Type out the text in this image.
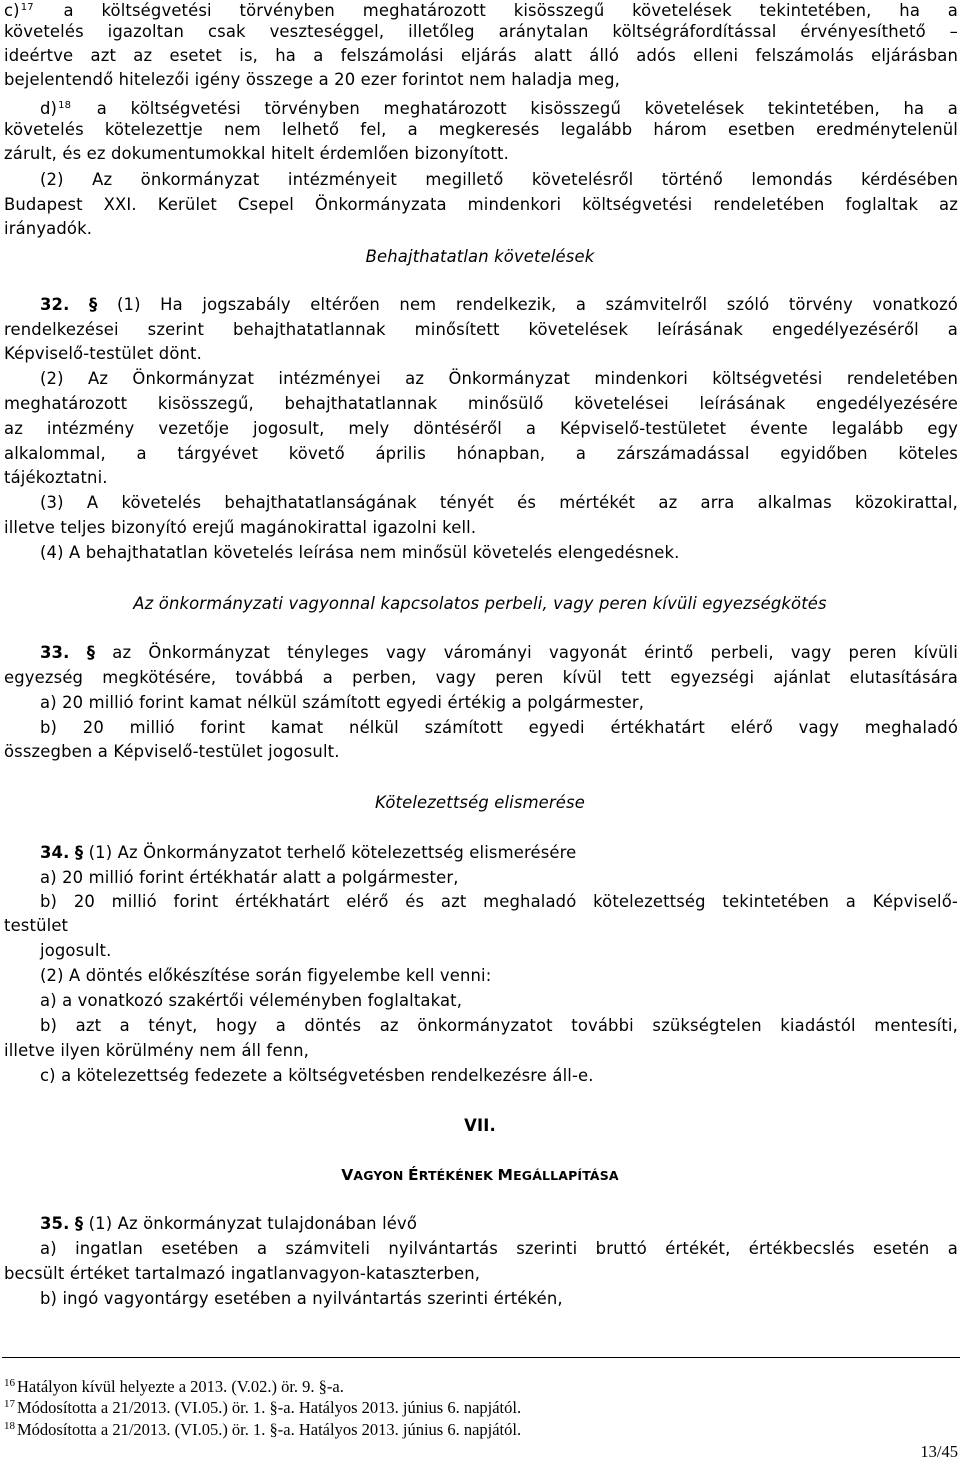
c)$^{17}$ a költségvetési törvényben meghatározott kisösszegű követelések tekintetében, ha a
követelés igazoltan csak veszteséggel, illetőleg aránytalan költségráfordítással érvényesíthető –
ideértve azt az esetet is, ha a felszámolási eljárás alatt álló adós elleni felszámolás eljárásban
bejelentendő hitelezői igény összege a 20 ezer forintot nem haladja meg,
d)$^{18}$ a költségvetési törvényben meghatározott kisösszegű követelések tekintetében, ha a
követelés kötelezettje nem lelhető fel, a megkeresés legalább három esetben eredménytelenül
zárult, és ez dokumentumokkal hitelt érdemlően bizonyított.
(2) Az önkormányzat intézményeit megillető követelésről történő lemondás kérdésében
Budapest XXI. Kerület Csepel Önkormányzata mindenkori költségvetési rendeletében foglaltak az
irányadók.
Behajthatatlan követelések
32. § (1) Ha jogszabály eltérően nem rendelkezik, a számvitelről szóló törvény vonatkozó
rendelkezései szerint behajthatatlannak minősített követelések leírásának engedélyezéséről a
Képviselő-testület dönt.
(2) Az Önkormányzat intézményei az Önkormányzat mindenkori költségvetési rendeletében
meghatározott kisösszegű, behajthatatlannak minősülő követelései leírásának engedélyezésére
az intézmény vezetője jogosult, mely döntéséről a Képviselő-testületet évente legalább egy
alkalommal, a tárgyévet követő április hónapban, a zárszámadással egyidőben köteles
tájékoztatni.
(3) A követelés behajthatatlanságának tényét és mértékét az arra alkalmas közokirattal,
illetve teljes bizonyító erejű magánokirattal igazolni kell.
(4) A behajthatatlan követelés leírása nem minősül követelés elengedésnek.
Az önkormányzati vagyonnal kapcsolatos perbeli, vagy peren kívüli egyezségkötés
33. § az Önkormányzat tényleges vagy várományi vagyonát érintő perbeli, vagy peren kívüli
egyezség megkötésére, továbbá a perben, vagy peren kívül tett egyezségi ajánlat elutasítására
a) 20 millió forint kamat nélkül számított egyedi értékig a polgármester,
b) 20 millió forint kamat nélkül számított egyedi értékhatárt elérő vagy meghaladó
összegben a Képviselő-testület jogosult.
Kötelezettség elismerése
34. § (1) Az Önkormányzatot terhelő kötelezettség elismerésére
a) 20 millió forint értékhatár alatt a polgármester,
b) 20 millió forint értékhatárt elérő és azt meghaladó kötelezettség tekintetében a Képviselő-
testület
jogosult.
(2) A döntés előkészítése során figyelembe kell venni:
a) a vonatkozó szakértői véleményben foglaltakat,
b) azt a tényt, hogy a döntés az önkormányzatot további szükségtelen kiadástól mentesíti,
illetve ilyen körülmény nem áll fenn,
c) a kötelezettség fedezete a költségvetésben rendelkezésre áll-e.
VII.
VAGYON ÉRTÉKÉNEK MEGÁLLAPÍTÁSA
35. § (1) Az önkormányzat tulajdonában lévő
a) ingatlan esetében a számviteli nyilvántartás szerinti bruttó értékét, értékbecslés esetén a
becsült értéket tartalmazó ingatlanvagyon-kataszterben,
b) ingó vagyontárgy esetében a nyilvántartás szerinti értékén,
$^{16}$ Hatályon kívül helyezte a 2013. (V.02.) ör. 9. §-a.
$^{17}$ Módosította a 21/2013. (VI.05.) ör. 1. §-a. Hatályos 2013. június 6. napjától.
$^{18}$ Módosította a 21/2013. (VI.05.) ör. 1. §-a. Hatályos 2013. június 6. napjától.
13/45
